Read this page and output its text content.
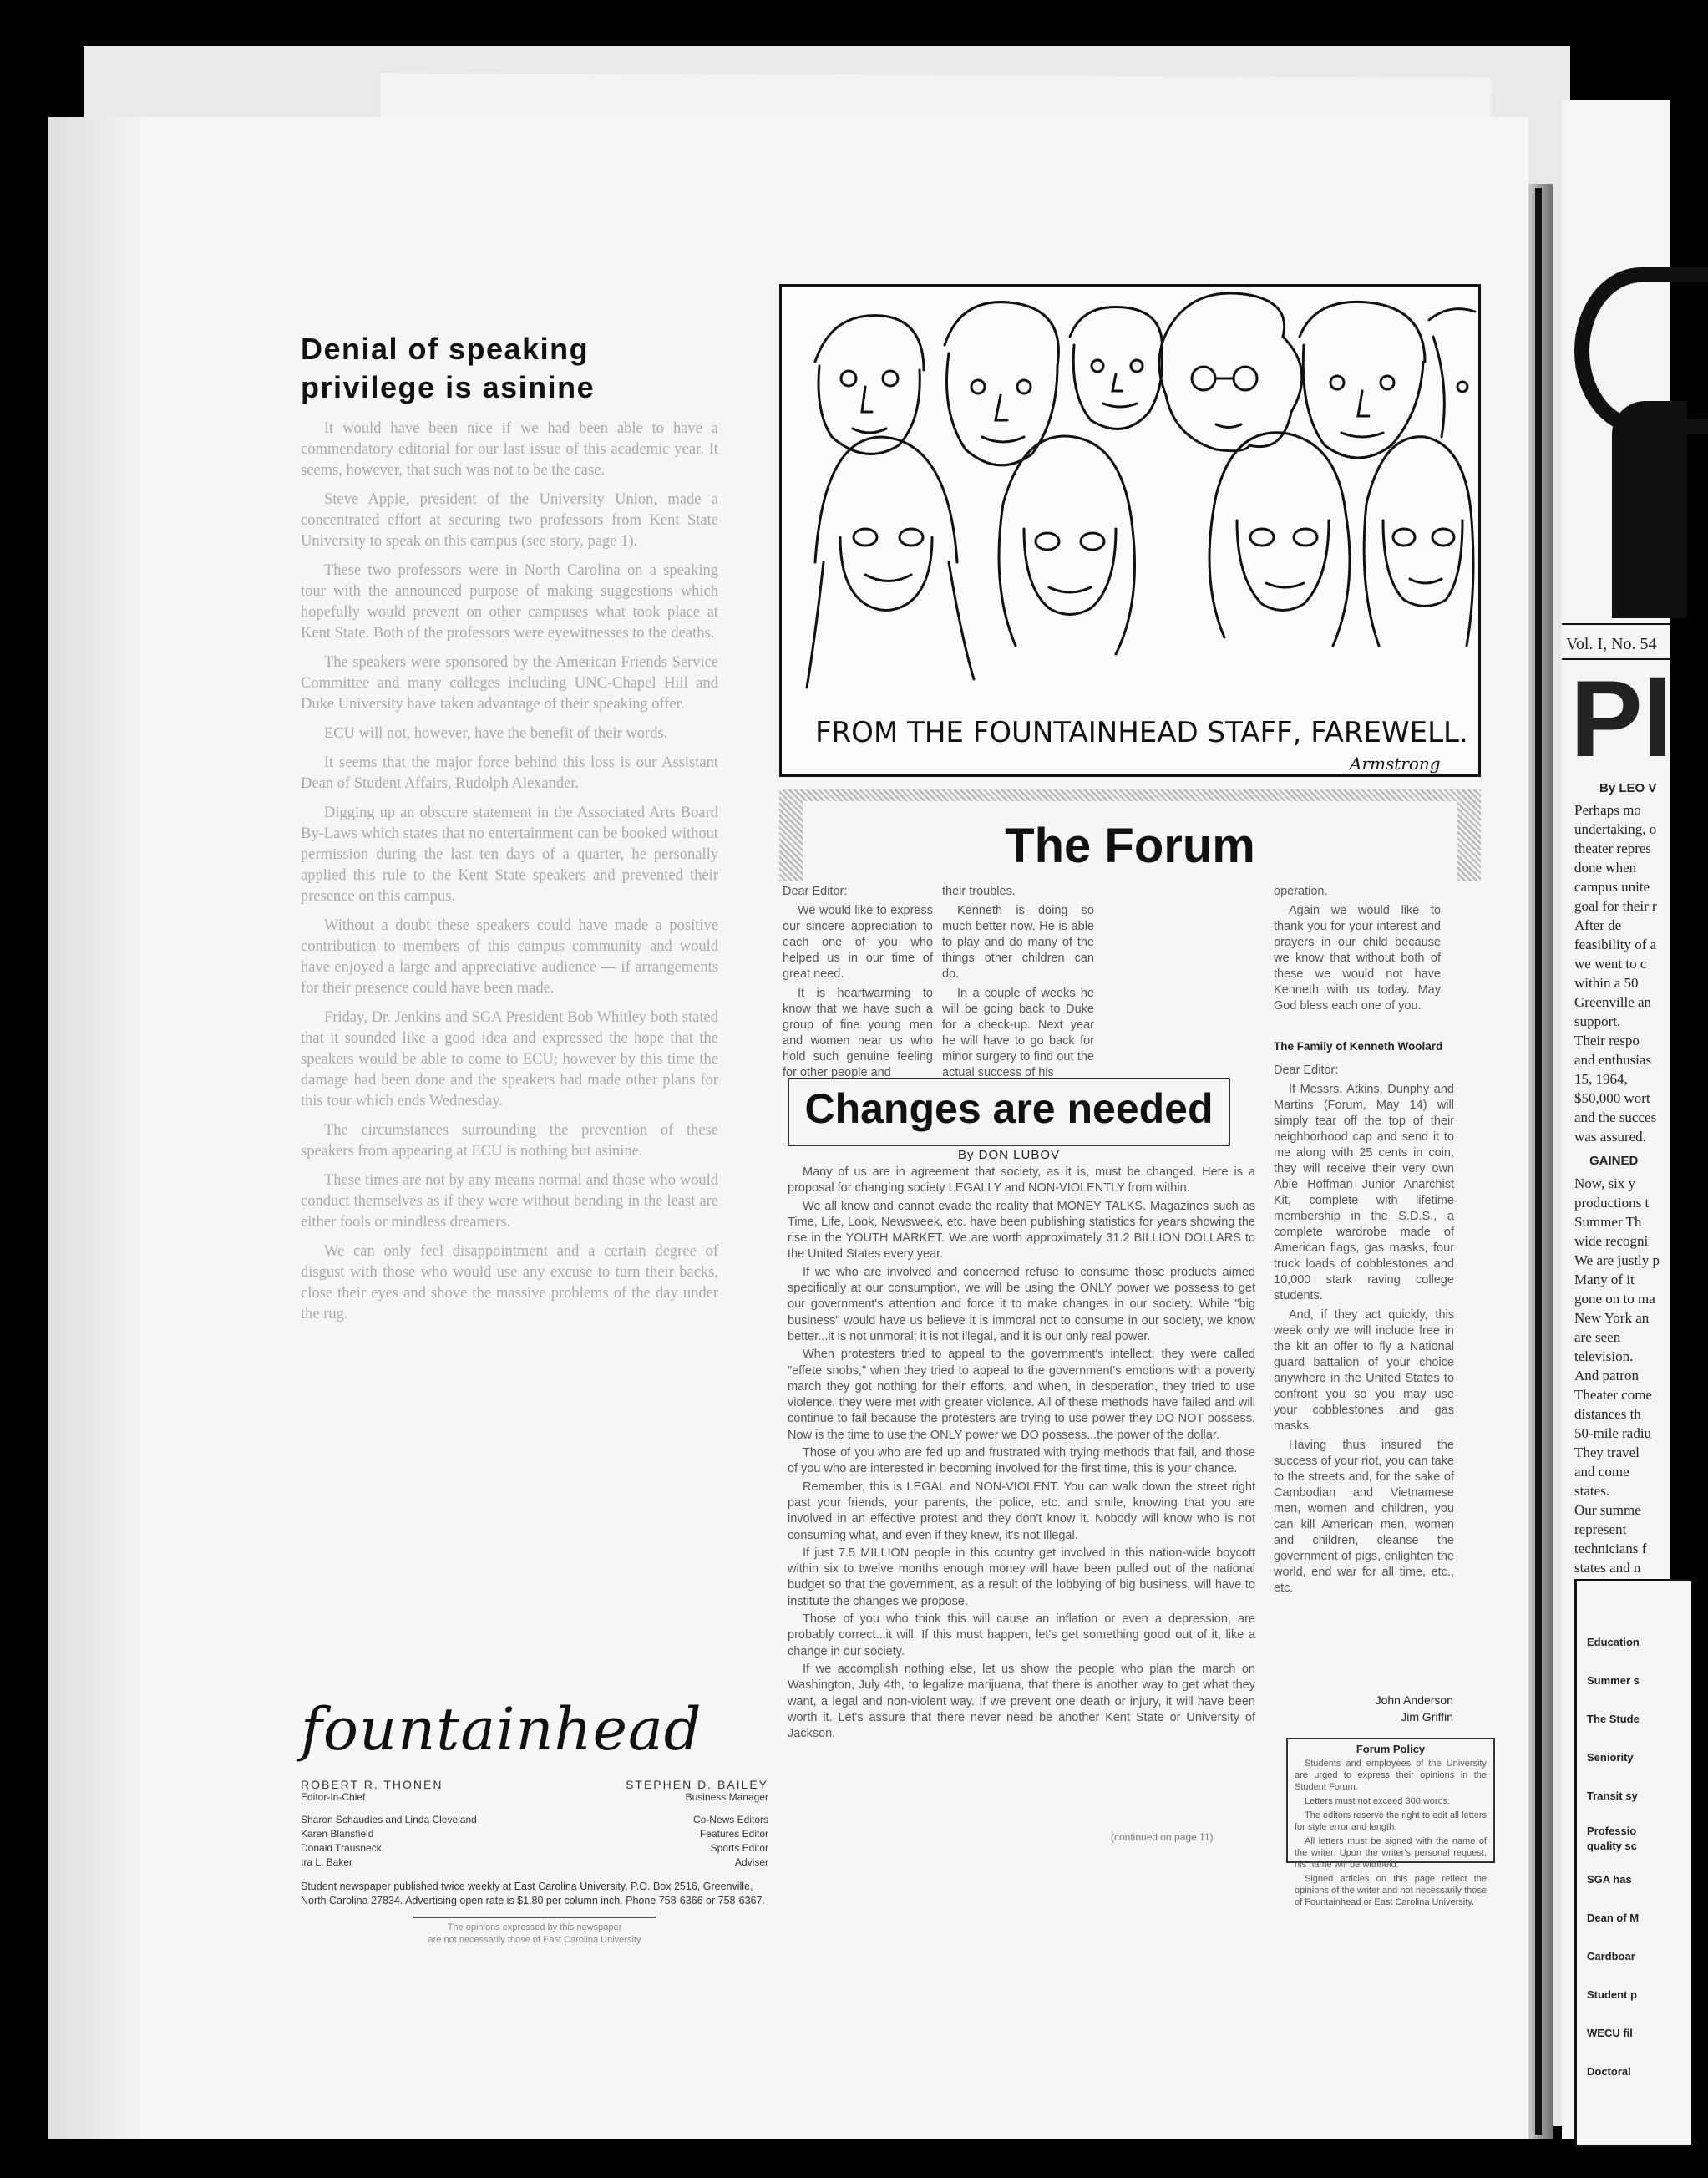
Denial of speaking
privilege is asinine

It would have been nice if we had been able to have a commendatory editorial for our last issue of this academic year. It seems, however, that such was not to be the case.

Steve Appie, president of the University Union, made a concentrated effort at securing two professors from Kent State University to speak on this campus (see story, page 1).

These two professors were in North Carolina on a speaking tour with the announced purpose of making suggestions which hopefully would prevent on other campuses what took place at Kent State. Both of the professors were eyewitnesses to the deaths.

The speakers were sponsored by the American Friends Service Committee and many colleges including UNC-Chapel Hill and Duke University have taken advantage of their speaking offer.

ECU will not, however, have the benefit of their words.

It seems that the major force behind this loss is our Assistant Dean of Student Affairs, Rudolph Alexander.

Digging up an obscure statement in the Associated Arts Board By-Laws which states that no entertainment can be booked without permission during the last ten days of a quarter, he personally applied this rule to the Kent State speakers and prevented their presence on this campus.

Without a doubt these speakers could have made a positive contribution to members of this campus community and would have enjoyed a large and appreciative audience — if arrangements for their presence could have been made.

Friday, Dr. Jenkins and SGA President Bob Whitley both stated that it sounded like a good idea and expressed the hope that the speakers would be able to come to ECU; however by this time the damage had been done and the speakers had made other plans for this tour which ends Wednesday.

The circumstances surrounding the prevention of these speakers from appearing at ECU is nothing but asinine.

These times are not by any means normal and those who would conduct themselves as if they were without bending in the least are either fools or mindless dreamers.

We can only feel disappointment and a certain degree of disgust with those who would use any excuse to turn their backs, close their eyes and shove the massive problems of the day under the rug.

fountainhead
ROBERT R. THONEN
Editor-In-Chief
STEPHEN D. BAILEY
Business Manager
Sharon Schaudies and Linda Cleveland	Co-News Editors
Karen Blansfield	Features Editor
Donald Trausneck	Sports Editor
Ira L. Baker	Adviser
Student newspaper published twice weekly at East Carolina University, P.O. Box 2516, Greenville, North Carolina 27834. Advertising open rate is $1.80 per column inch. Phone 758-6366 or 758-6367.
The opinions expressed by this newspaper
are not necessarily those of East Carolina University
FROM THE FOUNTAINHEAD STAFF, FAREWELL.
Armstrong
The Forum

Dear Editor:

We would like to express our sincere appreciation to each one of you who helped us in our time of great need.

It is heartwarming to know that we have such a group of fine young men and women near us who hold such genuine feeling for other people and

their troubles.

Kenneth is doing so much better now. He is able to play and do many of the things other children can do.

In a couple of weeks he will be going back to Duke for a check-up. Next year he will have to go back for minor surgery to find out the actual success of his

operation.

Again we would like to thank you for your interest and prayers in our child because we know that without both of these we would not have Kenneth with us today. May God bless each one of you.

The Family of Kenneth Woolard

Dear Editor:

If Messrs. Atkins, Dunphy and Martins (Forum, May 14) will simply tear off the top of their neighborhood cap and send it to me along with 25 cents in coin, they will receive their very own Abie Hoffman Junior Anarchist Kit, complete with lifetime membership in the S.D.S., a complete wardrobe made of American flags, gas masks, four truck loads of cobblestones and 10,000 stark raving college students.

And, if they act quickly, this week only we will include free in the kit an offer to fly a National guard battalion of your choice anywhere in the United States to confront you so you may use your cobblestones and gas masks.

Having thus insured the success of your riot, you can take to the streets and, for the sake of Cambodian and Vietnamese men, women and children, you can kill American men, women and children, cleanse the government of pigs, enlighten the world, end war for all time, etc., etc.

John Anderson
Jim Griffin
Changes are needed
By DON LUBOV

Many of us are in agreement that society, as it is, must be changed. Here is a proposal for changing society LEGALLY and NON-VIOLENTLY from within.

We all know and cannot evade the reality that MONEY TALKS. Magazines such as Time, Life, Look, Newsweek, etc. have been publishing statistics for years showing the rise in the YOUTH MARKET. We are worth approximately 31.2 BILLION DOLLARS to the United States every year.

If we who are involved and concerned refuse to consume those products aimed specifically at our consumption, we will be using the ONLY power we possess to get our government's attention and force it to make changes in our society. While "big business" would have us believe it is immoral not to consume in our society, we know better...it is not unmoral; it is not illegal, and it is our only real power.

When protesters tried to appeal to the government's intellect, they were called "effete snobs," when they tried to appeal to the government's emotions with a poverty march they got nothing for their efforts, and when, in desperation, they tried to use violence, they were met with greater violence. All of these methods have failed and will continue to fail because the protesters are trying to use power they DO NOT possess. Now is the time to use the ONLY power we DO possess...the power of the dollar.

Those of you who are fed up and frustrated with trying methods that fail, and those of you who are interested in becoming involved for the first time, this is your chance.

Remember, this is LEGAL and NON-VIOLENT. You can walk down the street right past your friends, your parents, the police, etc. and smile, knowing that you are involved in an effective protest and they don't know it. Nobody will know who is not consuming what, and even if they knew, it's not Illegal.

If just 7.5 MILLION people in this country get involved in this nation-wide boycott within six to twelve months enough money will have been pulled out of the national budget so that the government, as a result of the lobbying of big business, will have to institute the changes we propose.

Those of you who think this will cause an inflation or even a depression, are probably correct...it will. If this must happen, let's get something good out of it, like a change in our society.

If we accomplish nothing else, let us show the people who plan the march on Washington, July 4th, to legalize marijuana, that there is another way to get what they want, a legal and non-violent way. If we prevent one death or injury, it will have been worth it. Let's assure that there never need be another Kent State or University of Jackson.

(continued on page 11)
Forum Policy

Students and employees of the University are urged to express their opinions in the Student Forum.

Letters must not exceed 300 words.

The editors reserve the right to edit all letters for style error and length.

All letters must be signed with the name of the writer. Upon the writer's personal request, his name will be withheld.

Signed articles on this page reflect the opinions of the writer and not necessarily those of Fountainhead or East Carolina University.

Vol. I, No. 54
Pl
By LEO V
Perhaps mo
undertaking, o
theater repres
done when
campus unite
goal for their r
After de
feasibility of a
we went to c
within a 50
Greenville an
support.
Their respo
and enthusias
15, 1964,
$50,000 wort
and the succes
was assured.
GAINED
Now, six y
productions t
Summer Th
wide recogni
We are justly p
Many of it
gone on to ma
New York an
are seen
television.
And patron
Theater come
distances th
50-mile radiu
They travel
and come
states.
Our summe
represent
technicians f
states and n
Education
Summer s
The Stude
Seniority
Transit sy
Professio
quality sc
SGA has
Dean of M
Cardboar
Student p
WECU fil
Doctoral
